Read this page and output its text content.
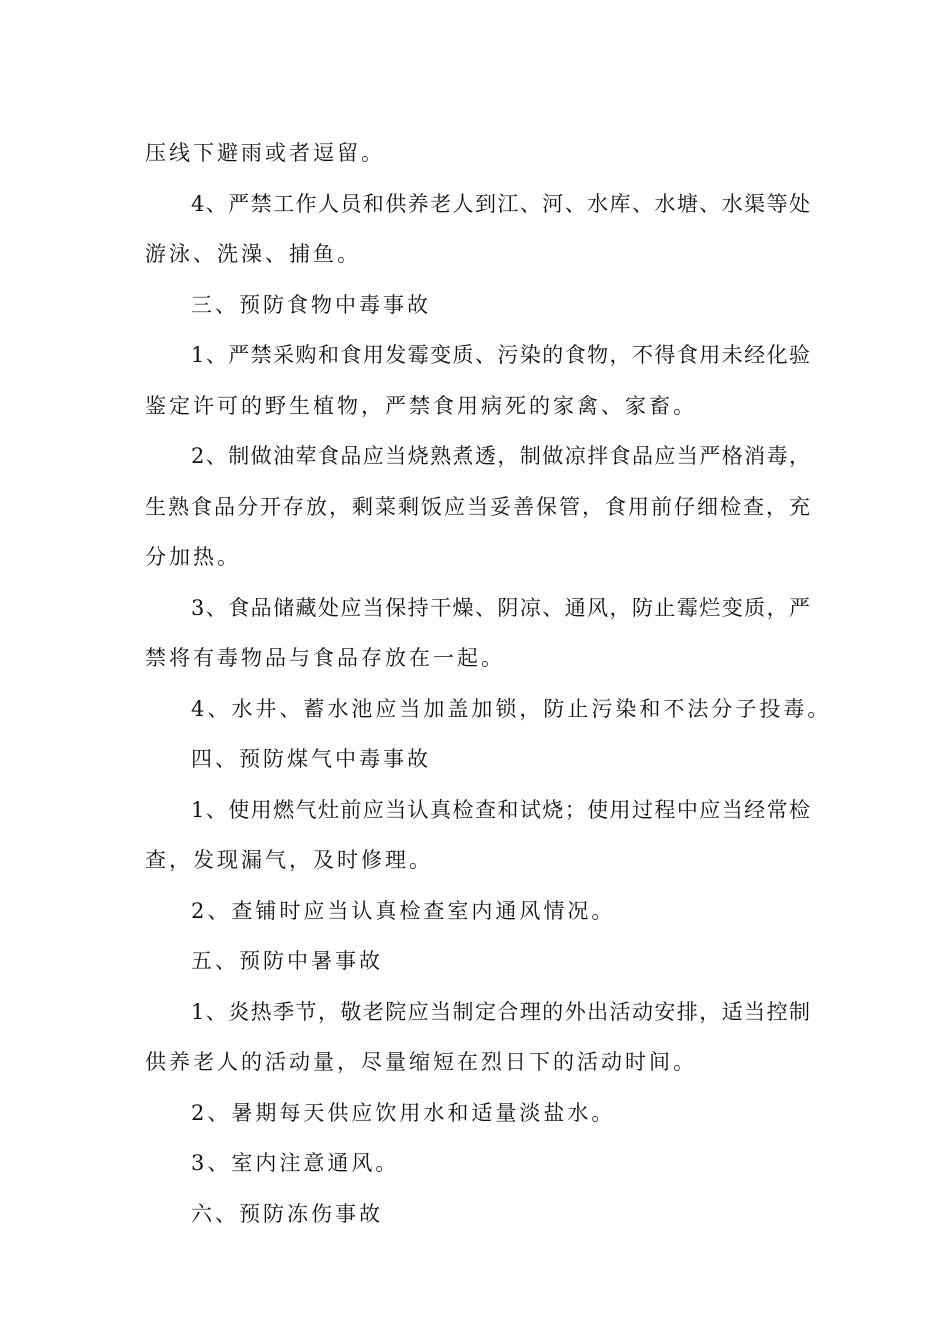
压线下避雨或者逗留。

4、严禁工作人员和供养老人到江、河、水库、水塘、水渠等处

游泳、洗澡、捕鱼。

三、预防食物中毒事故

1、严禁采购和食用发霉变质、污染的食物，不得食用未经化验

鉴定许可的野生植物，严禁食用病死的家禽、家畜。

2、制做油荤食品应当烧熟煮透，制做凉拌食品应当严格消毒，

生熟食品分开存放，剩菜剩饭应当妥善保管，食用前仔细检查，充

分加热。

3、食品储藏处应当保持干燥、阴凉、通风，防止霉烂变质，严

禁将有毒物品与食品存放在一起。

4、水井、蓄水池应当加盖加锁，防止污染和不法分子投毒。

四、预防煤气中毒事故

1、使用燃气灶前应当认真检查和试烧；使用过程中应当经常检

查，发现漏气，及时修理。

2、查铺时应当认真检查室内通风情况。

五、预防中暑事故

1、炎热季节，敬老院应当制定合理的外出活动安排，适当控制

供养老人的活动量，尽量缩短在烈日下的活动时间。

2、暑期每天供应饮用水和适量淡盐水。

3、室内注意通风。

六、预防冻伤事故
